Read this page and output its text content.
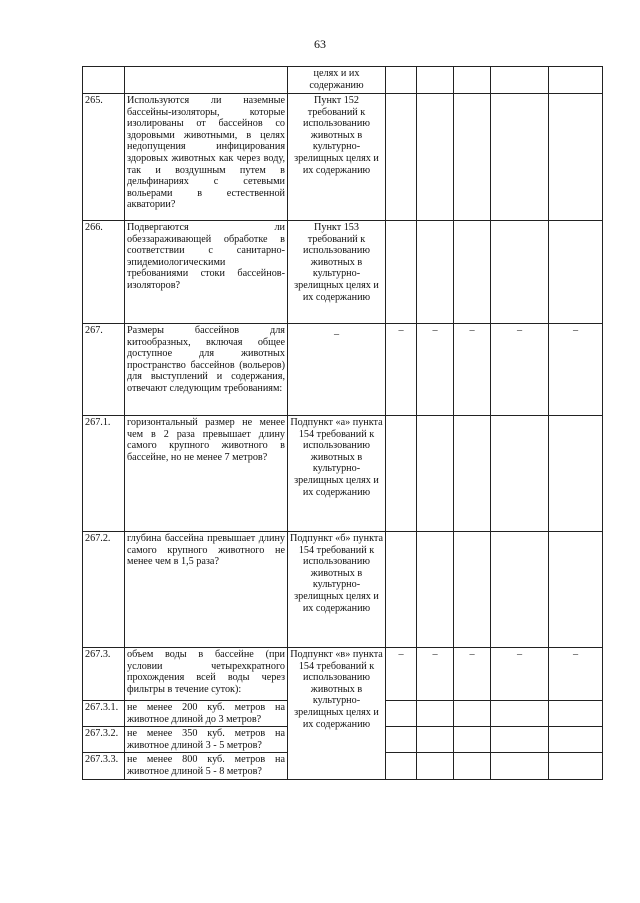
63
		целях и их содержанию					
265.	Используются ли наземные бассейны-изоляторы, которые изолированы от бассейнов со здоровыми животными, в целях недопущения инфицирования здоровых животных как через воду, так и воздушным путем в дельфинариях с сетевыми вольерами в естественной акватории?	Пункт 152 требований к использованию животных в культурно-зрелищных целях и их содержанию					
266.	Подвергаются ли обеззараживающей обработке в соответствии с санитарно-эпидемиологическими требованиями стоки бассейнов-изоляторов?	Пункт 153 требований к использованию животных в культурно-зрелищных целях и их содержанию					
267.	Размеры бассейнов для китообразных, включая общее доступное для животных пространство бассейнов (вольеров) для выступлений и содержания, отвечают следующим требованиям:	–	–	–	–	–	–
267.1.	горизонтальный размер не менее чем в 2 раза превышает длину самого крупного животного в бассейне, но не менее 7 метров?	Подпункт «а» пункта 154 требований к использованию животных в культурно-зрелищных целях и их содержанию					
267.2.	глубина бассейна превышает длину самого крупного животного не менее чем в 1,5 раза?	Подпункт «б» пункта 154 требований к использованию животных в культурно-зрелищных целях и их содержанию					
267.3.	объем воды в бассейне (при условии четырехкратного прохождения всей воды через фильтры в течение суток):	Подпункт «в» пункта 154 требований к использованию животных в культурно-зрелищных целях и их содержанию	–	–	–	–	–
267.3.1.	не менее 200 куб. метров на животное длиной до 3 метров?						
267.3.2.	не менее 350 куб. метров на животное длиной 3 - 5 метров?						
267.3.3.	не менее 800 куб. метров на животное длиной 5 - 8 метров?						
